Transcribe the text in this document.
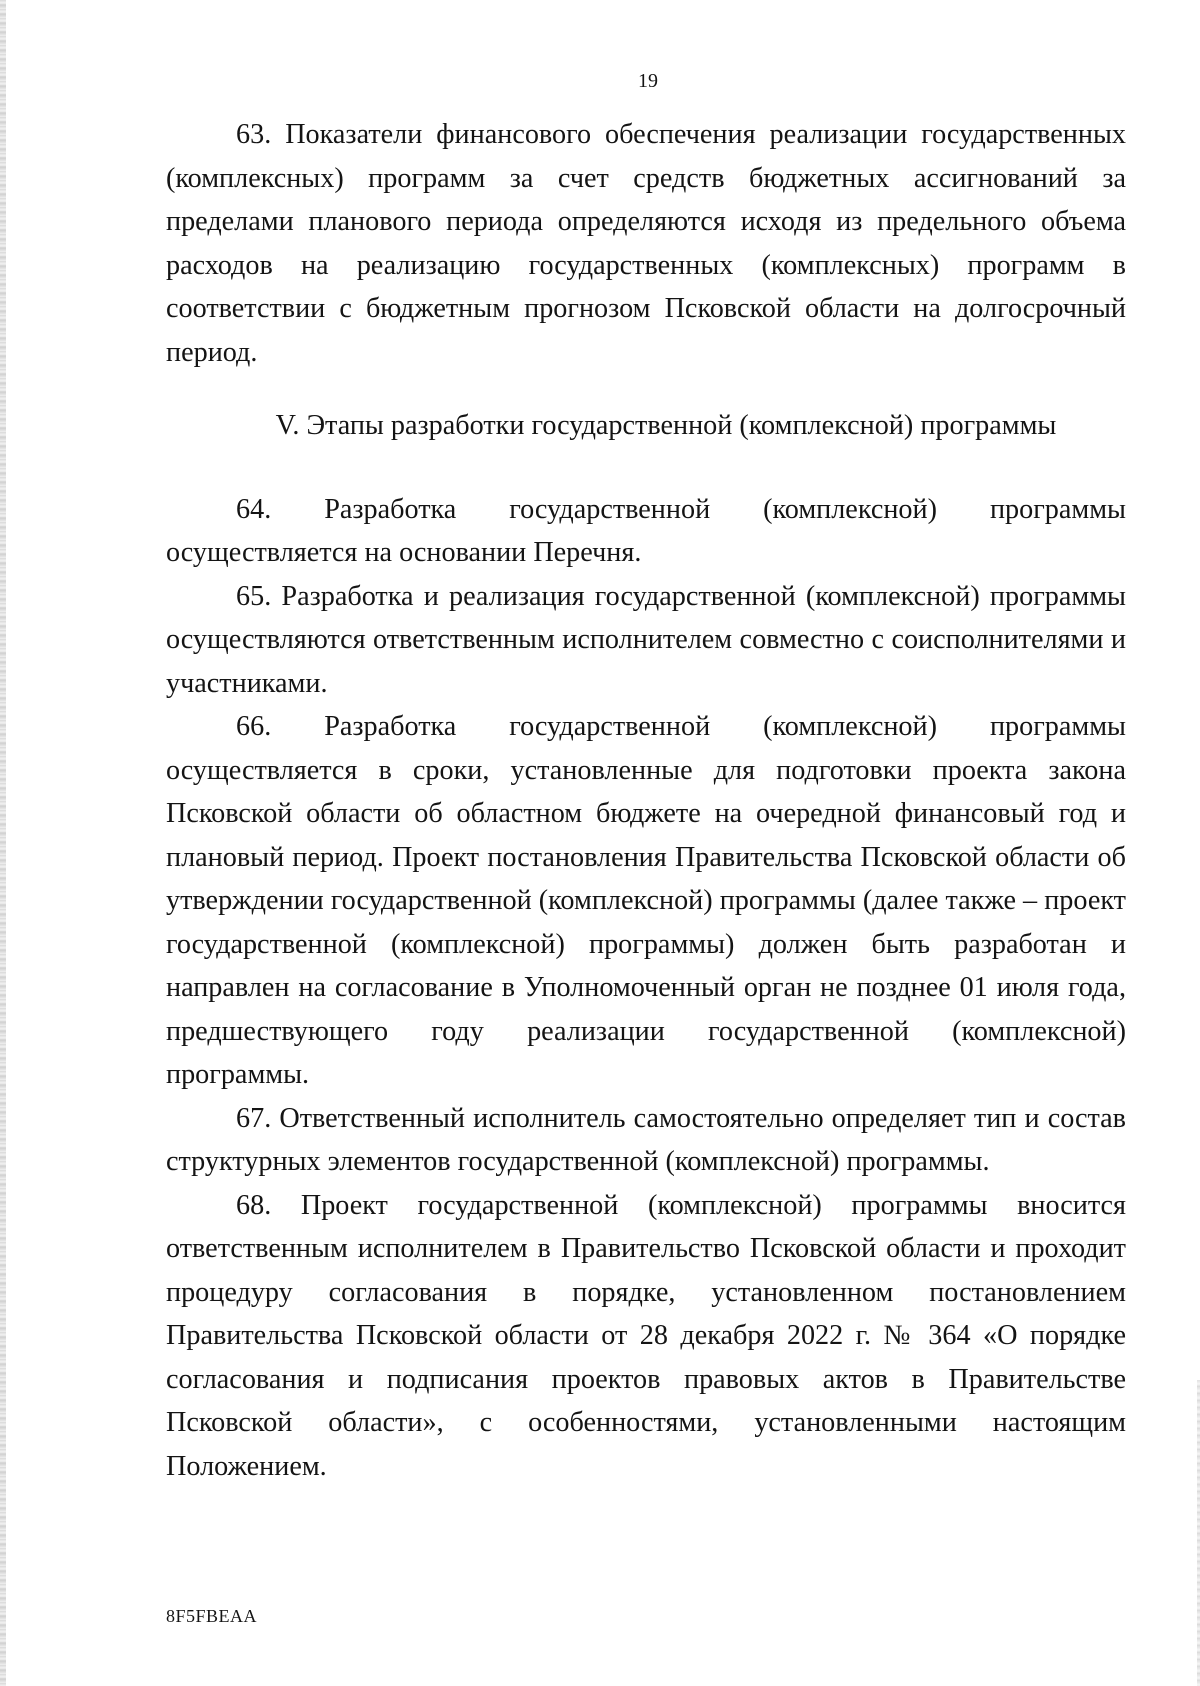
19

63. Показатели финансового обеспечения реализации государственных (комплексных) программ за счет средств бюджетных ассигнований за пределами планового периода определяются исходя из предельного объема расходов на реализацию государственных (комплексных) программ в соответствии с бюджетным прогнозом Псковской области на долгосрочный период.

V. Этапы разработки государственной (комплексной) программы

64. Разработка государственной (комплексной) программы осуществляется на основании Перечня.

65. Разработка и реализация государственной (комплексной) программы осуществляются ответственным исполнителем совместно с соисполнителями и участниками.

66. Разработка государственной (комплексной) программы осуществляется в сроки, установленные для подготовки проекта закона Псковской области об областном бюджете на очередной финансовый год и плановый период. Проект постановления Правительства Псковской области об утверждении государственной (комплексной) программы (далее также – проект государственной (комплексной) программы) должен быть разработан и направлен на согласование в Уполномоченный орган не позднее 01 июля года, предшествующего году реализации государственной (комплексной) программы.

67. Ответственный исполнитель самостоятельно определяет тип и состав структурных элементов государственной (комплексной) программы.

68. Проект государственной (комплексной) программы вносится ответственным исполнителем в Правительство Псковской области и проходит процедуру согласования в порядке, установленном постановлением Правительства Псковской области от 28 декабря 2022 г. № 364 «О порядке согласования и подписания проектов правовых актов в Правительстве Псковской области», с особенностями, установленными настоящим Положением.

8F5FBEAA
